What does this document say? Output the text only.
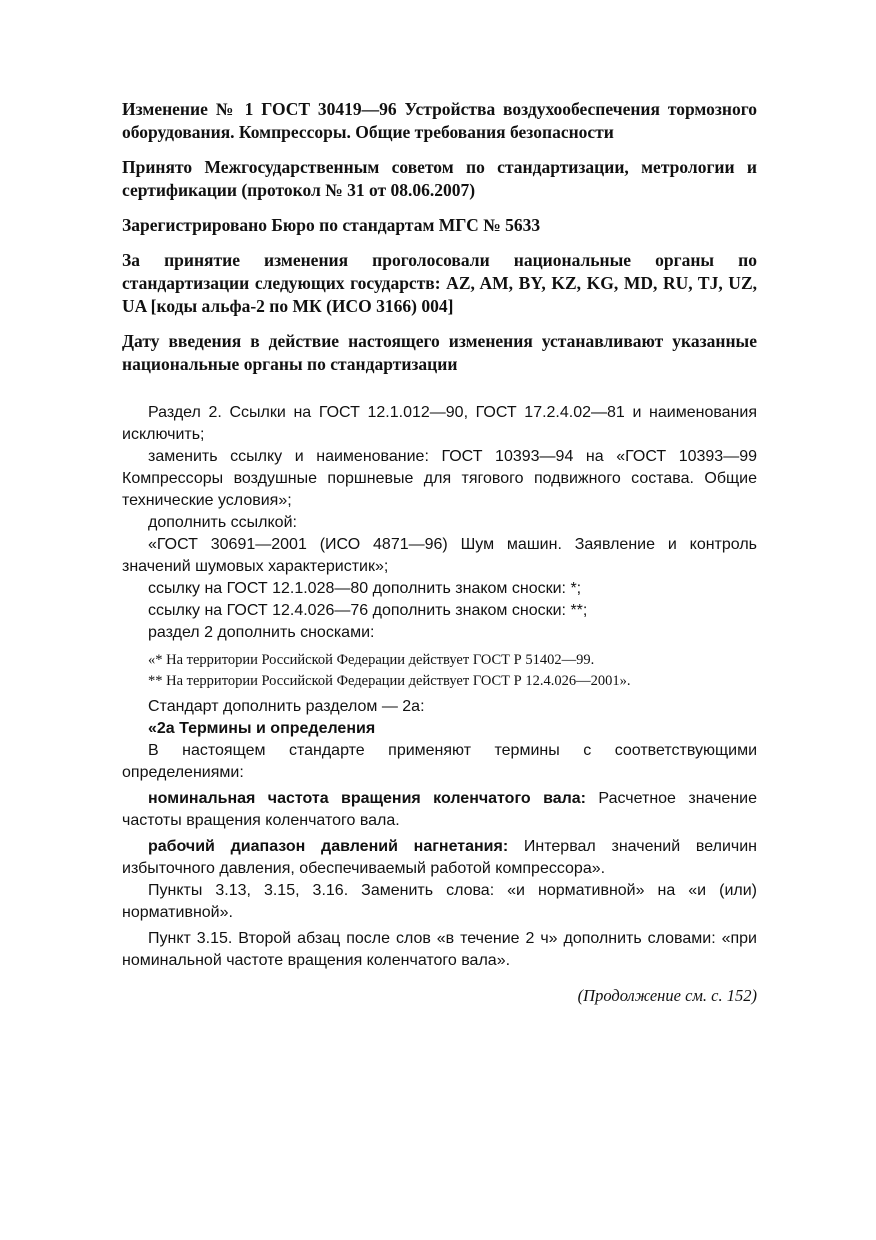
Изменение № 1 ГОСТ 30419—96 Устройства воздухообеспечения тормозного оборудования. Компрессоры. Общие требования безопасности

Принято Межгосударственным советом по стандартизации, метрологии и сертификации (протокол № 31 от 08.06.2007)

Зарегистрировано Бюро по стандартам МГС № 5633

За принятие изменения проголосовали национальные органы по стандартизации следующих государств: AZ, AM, BY, KZ, KG, MD, RU, TJ, UZ, UA [коды альфа-2 по МК (ИСО 3166) 004]

Дату введения в действие настоящего изменения устанавливают указанные национальные органы по стандартизации

Раздел 2. Ссылки на ГОСТ 12.1.012—90, ГОСТ 17.2.4.02—81 и наименования исключить;

заменить ссылку и наименование: ГОСТ 10393—94 на «ГОСТ 10393—99 Компрессоры воздушные поршневые для тягового подвижного состава. Общие технические условия»;

дополнить ссылкой:

«ГОСТ 30691—2001 (ИСО 4871—96) Шум машин. Заявление и контроль значений шумовых характеристик»;

ссылку на ГОСТ 12.1.028—80 дополнить знаком сноски: *;

ссылку на ГОСТ 12.4.026—76 дополнить знаком сноски: **;

раздел 2 дополнить сносками:

«* На территории Российской Федерации действует ГОСТ Р 51402—99.

** На территории Российской Федерации действует ГОСТ Р 12.4.026—2001».

Стандарт дополнить разделом — 2а:

«2а Термины и определения

В настоящем стандарте применяют термины с соответствующими определениями:

номинальная частота вращения коленчатого вала: Расчетное значение частоты вращения коленчатого вала.

рабочий диапазон давлений нагнетания: Интервал значений величин избыточного давления, обеспечиваемый работой компрессора».

Пункты 3.13, 3.15, 3.16. Заменить слова: «и нормативной» на «и (или) нормативной».

Пункт 3.15. Второй абзац после слов «в течение 2 ч» дополнить словами: «при номинальной частоте вращения коленчатого вала».

(Продолжение см. с. 152)
